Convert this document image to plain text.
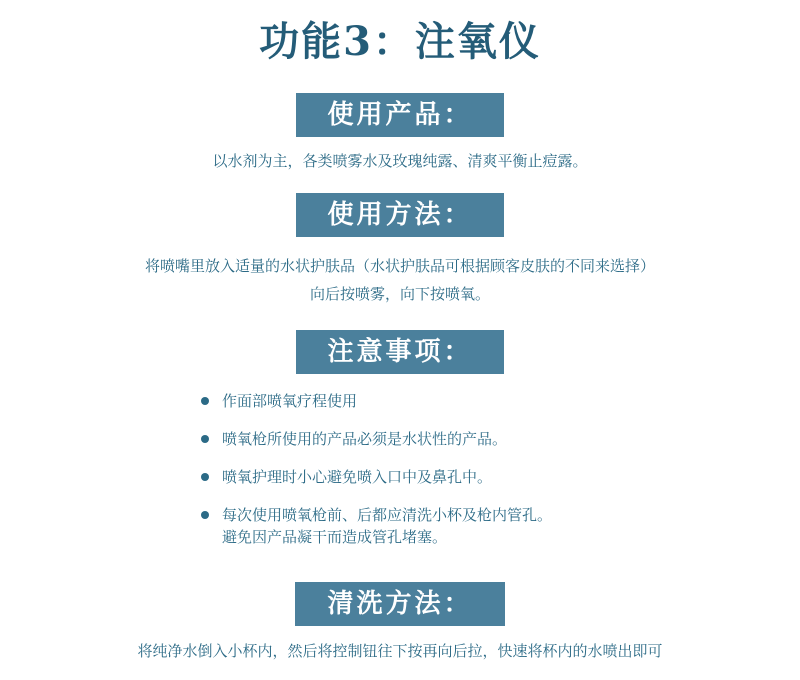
功能3：注氧仪
使用产品：
以水剂为主，各类喷雾水及玫瑰纯露、清爽平衡止痘露。
使用方法：
将喷嘴里放入适量的水状护肤品（水状护肤品可根据顾客皮肤的不同来选择）
向后按喷雾，向下按喷氧。
注意事项：
作面部喷氧疗程使用
喷氧枪所使用的产品必须是水状性的产品。
喷氧护理时小心避免喷入口中及鼻孔中。
每次使用喷氧枪前、后都应清洗小杯及枪内管孔。
避免因产品凝干而造成管孔堵塞。
清洗方法：
将纯净水倒入小杯内，然后将控制钮往下按再向后拉，快速将杯内的水喷出即可
